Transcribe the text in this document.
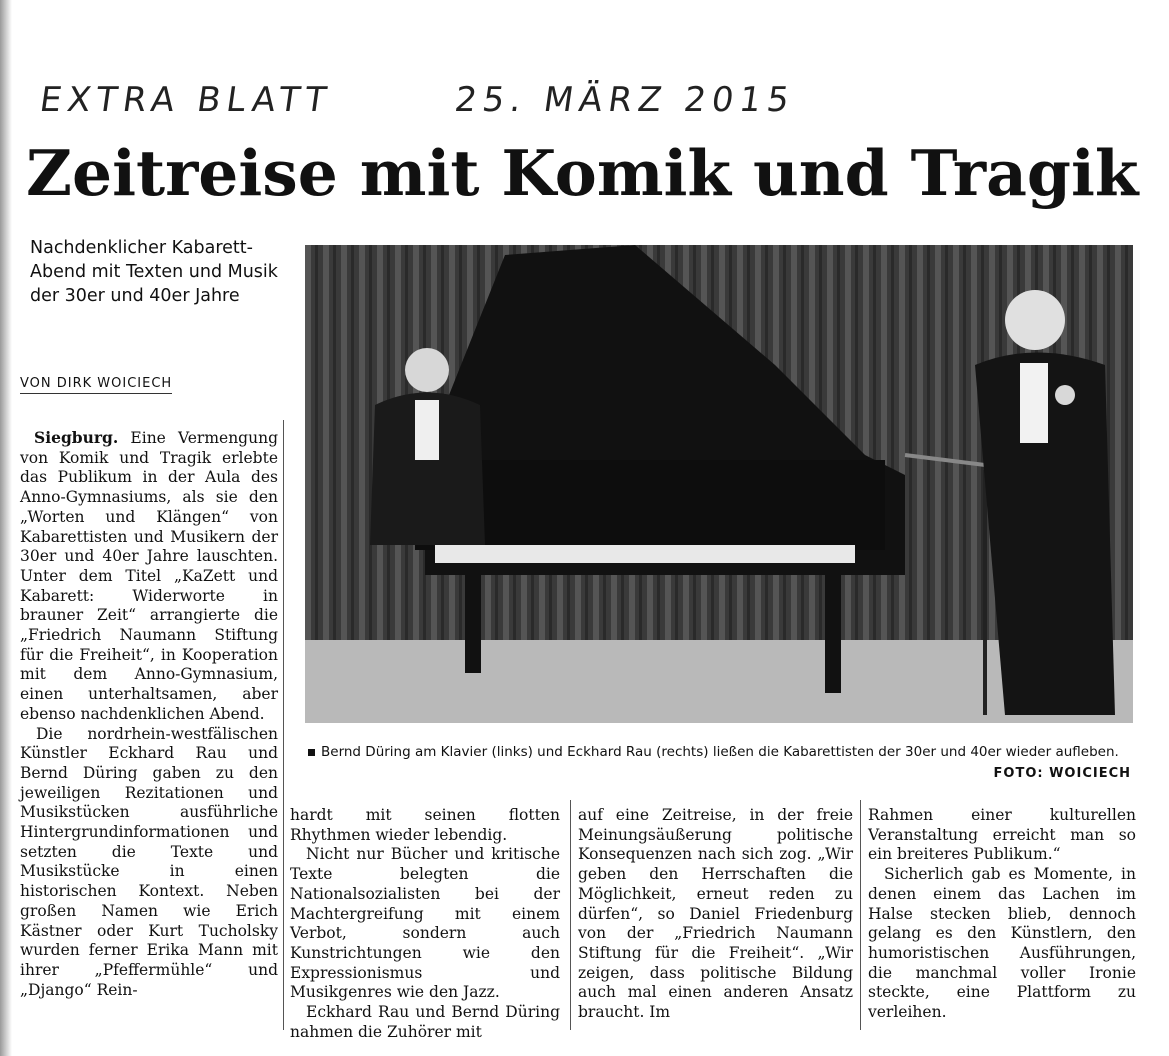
EXTRA BLATT	25. MÄRZ 2015
Zeitreise mit Komik und Tragik
Nachdenklicher Kabarett-Abend mit Texten und Musik der 30er und 40er Jahre
VON DIRK WOICIECH

Siegburg. Eine Vermengung von Komik und Tragik erlebte das Publikum in der Aula des Anno-Gymnasiums, als sie den „Worten und Klängen“ von Kabarettisten und Musikern der 30er und 40er Jahre lauschten. Unter dem Titel „KaZett und Kabarett: Widerworte in brauner Zeit“ arrangierte die „Friedrich Naumann Stiftung für die Freiheit“, in Kooperation mit dem Anno-Gymnasium, einen unterhaltsamen, aber ebenso nachdenklichen Abend.

Die nordrhein-westfälischen Künstler Eckhard Rau und Bernd Düring gaben zu den jeweiligen Rezitationen und Musikstücken ausführliche Hintergrundinformationen und setzten die Texte und Musikstücke in einen historischen Kontext. Neben großen Namen wie Erich Kästner oder Kurt Tucholsky wurden ferner Erika Mann mit ihrer „Pfeffermühle“ und „Django“ Rein-

Bernd Düring am Klavier (links) und Eckhard Rau (rechts) ließen die Kabarettisten der 30er und 40er wieder aufleben.
FOTO: WOICIECH

hardt mit seinen flotten Rhythmen wieder lebendig.

Nicht nur Bücher und kritische Texte belegten die Nationalsozialisten bei der Machtergreifung mit einem Verbot, sondern auch Kunstrichtungen wie den Expressionismus und Musikgenres wie den Jazz.

Eckhard Rau und Bernd Düring nahmen die Zuhörer mit

auf eine Zeitreise, in der freie Meinungsäußerung politische Konsequenzen nach sich zog. „Wir geben den Herrschaften die Möglichkeit, erneut reden zu dürfen“, so Daniel Friedenburg von der „Friedrich Naumann Stiftung für die Freiheit“. „Wir zeigen, dass politische Bildung auch mal einen anderen Ansatz braucht. Im

Rahmen einer kulturellen Veranstaltung erreicht man so ein breiteres Publikum.“

Sicherlich gab es Momente, in denen einem das Lachen im Halse stecken blieb, dennoch gelang es den Künstlern, den humoristischen Ausführungen, die manchmal voller Ironie steckte, eine Plattform zu verleihen.
